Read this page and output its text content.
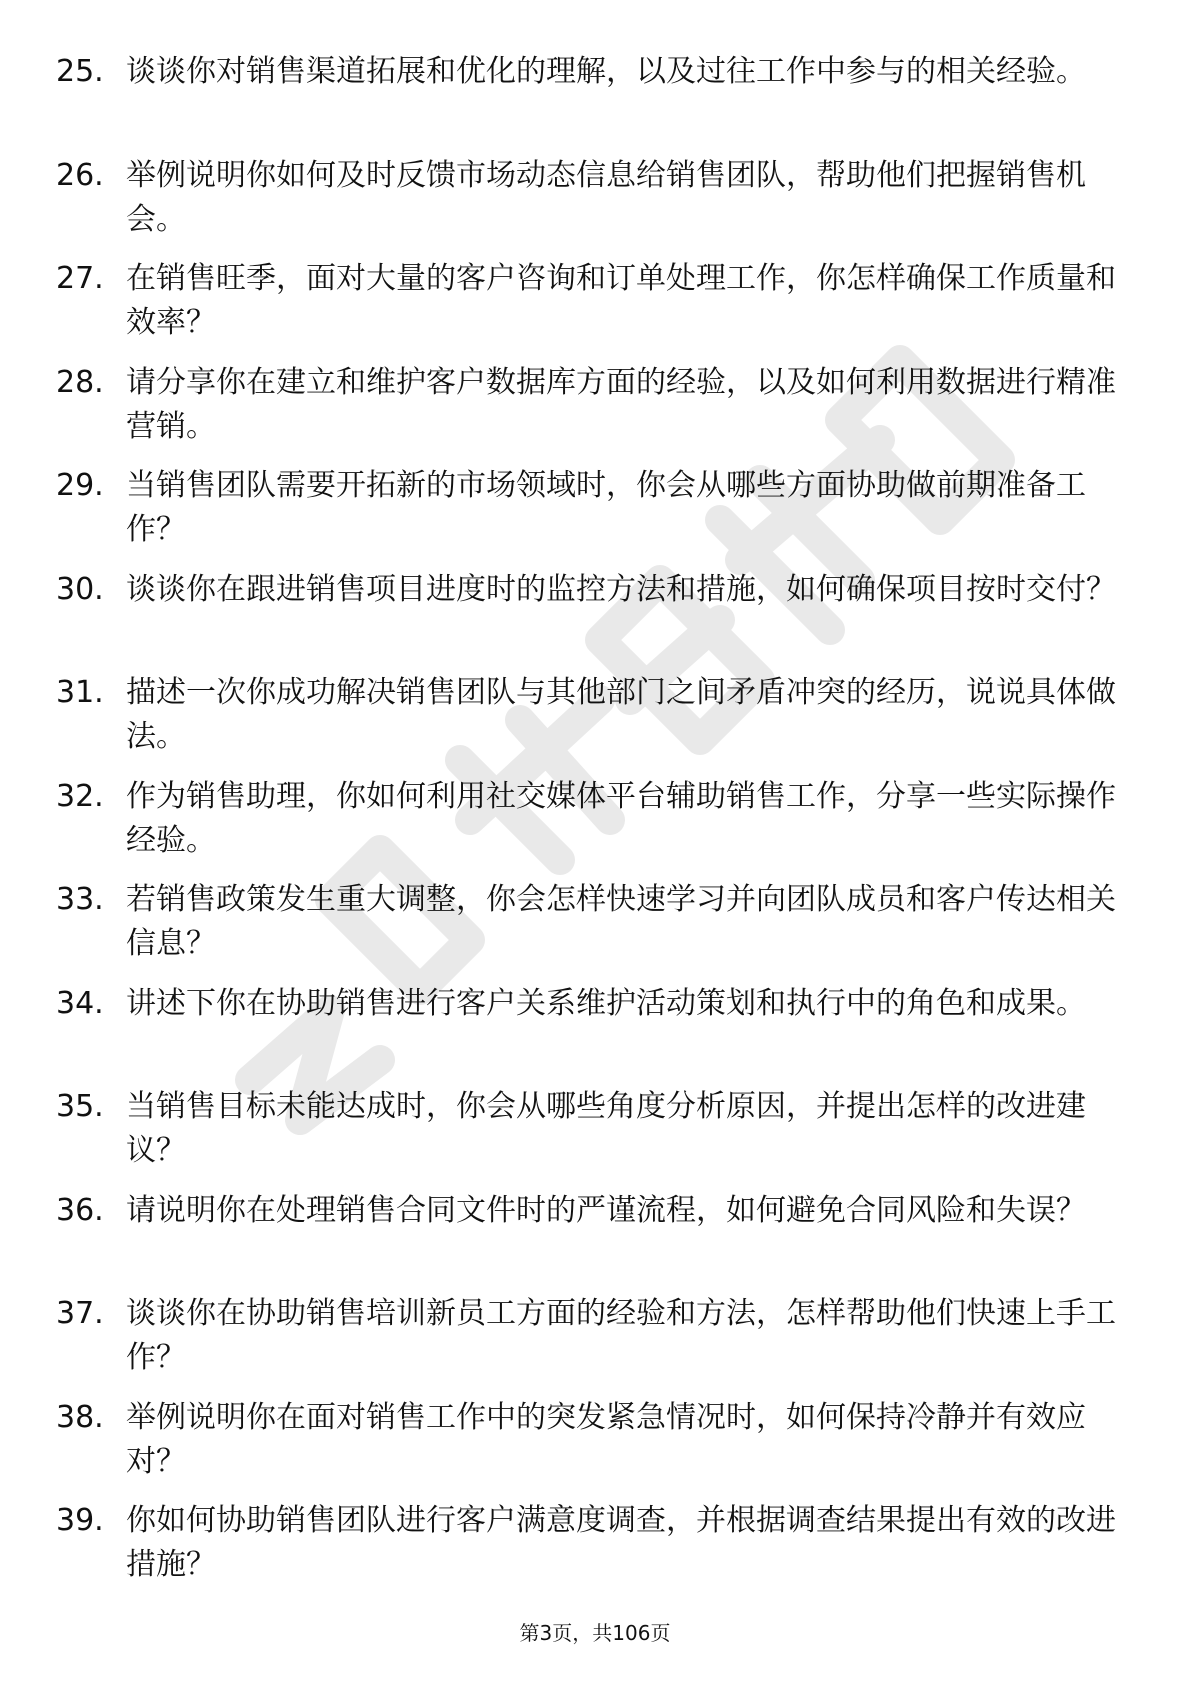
25. 谈谈你对销售渠道拓展和优化的理解，以及过往工作中参与的相关经验。
26. 举例说明你如何及时反馈市场动态信息给销售团队，帮助他们把握销售机会。
27. 在销售旺季，面对大量的客户咨询和订单处理工作，你怎样确保工作质量和效率？
28. 请分享你在建立和维护客户数据库方面的经验，以及如何利用数据进行精准营销。
29. 当销售团队需要开拓新的市场领域时，你会从哪些方面协助做前期准备工作？
30. 谈谈你在跟进销售项目进度时的监控方法和措施，如何确保项目按时交付？
31. 描述一次你成功解决销售团队与其他部门之间矛盾冲突的经历，说说具体做法。
32. 作为销售助理，你如何利用社交媒体平台辅助销售工作，分享一些实际操作经验。
33. 若销售政策发生重大调整，你会怎样快速学习并向团队成员和客户传达相关信息？
34. 讲述下你在协助销售进行客户关系维护活动策划和执行中的角色和成果。
35. 当销售目标未能达成时，你会从哪些角度分析原因，并提出怎样的改进建议？
36. 请说明你在处理销售合同文件时的严谨流程，如何避免合同风险和失误？
37. 谈谈你在协助销售培训新员工方面的经验和方法，怎样帮助他们快速上手工作？
38. 举例说明你在面对销售工作中的突发紧急情况时，如何保持冷静并有效应对？
39. 你如何协助销售团队进行客户满意度调查，并根据调查结果提出有效的改进措施？
第3页，共106页
